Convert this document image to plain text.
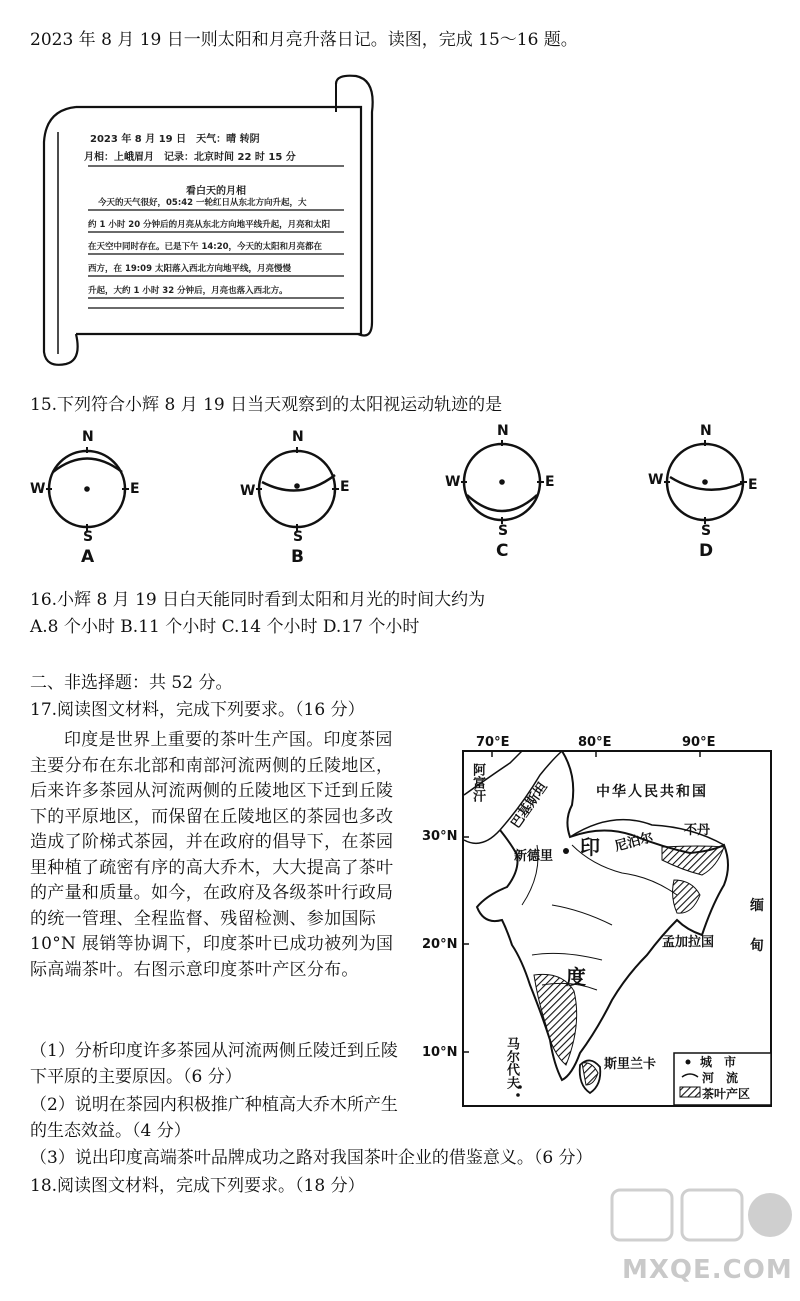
2023 年 8 月 19 日一则太阳和月亮升落日记。读图，完成 15～16 题。
2023 年 8 月 19 日　天气：晴 转阴
月相：上峨眉月　记录：北京时间 22 时 15 分
看白天的月相
今天的天气很好，05:42 一轮红日从东北方向升起，大
约 1 小时 20 分钟后的月亮从东北方向地平线升起，月亮和太阳
在天空中同时存在。已是下午 14:20，今天的太阳和月亮都在
西方，在 19:09 太阳落入西北方向地平线，月亮慢慢
升起，大约 1 小时 32 分钟后，月亮也落入西北方。
15.下列符合小辉 8 月 19 日当天观察到的太阳视运动轨迹的是
N
W	E
S
A
N
W	E
S
B
N
W	E
S
C
N
W	E
S
D
16.小辉 8 月 19 日白天能同时看到太阳和月光的时间大约为
A.8 个小时 B.11 个小时 C.14 个小时 D.17 个小时
二、非选择题：共 52 分。
17.阅读图文材料，完成下列要求。（16 分）

印度是世界上重要的茶叶生产国。印度茶园主要分布在东北部和南部河流两侧的丘陵地区，后来许多茶园从河流两侧的丘陵地区下迁到丘陵下的平原地区，而保留在丘陵地区的茶园也多改造成了阶梯式茶园，并在政府的倡导下，在茶园里种植了疏密有序的高大乔木，大大提高了茶叶的产量和质量。如今，在政府及各级茶叶行政局的统一管理、全程监督、残留检测、参加国际 10°N 展销等协调下，印度茶叶已成功被列为国际高端茶叶。右图示意印度茶叶产区分布。

（1）分析印度许多茶园从河流两侧丘陵迁到丘陵下平原的主要原因。（6 分）
（2）说明在茶园内积极推广种植高大乔木所产生的生态效益。（4 分）
（3）说出印度高端茶叶品牌成功之路对我国茶叶企业的借鉴意义。（6 分）
18.阅读图文材料，完成下列要求。（18 分）
70°E	80°E	90°E
30°N
20°N
10°N
阿富汗 巴基斯坦	中华人民共和国
不丹
尼泊尔
新德里 印
度
孟加拉国
缅
甸
斯里兰卡
马尔代夫	城　市
河　流
茶叶产区
MXQE.COM
